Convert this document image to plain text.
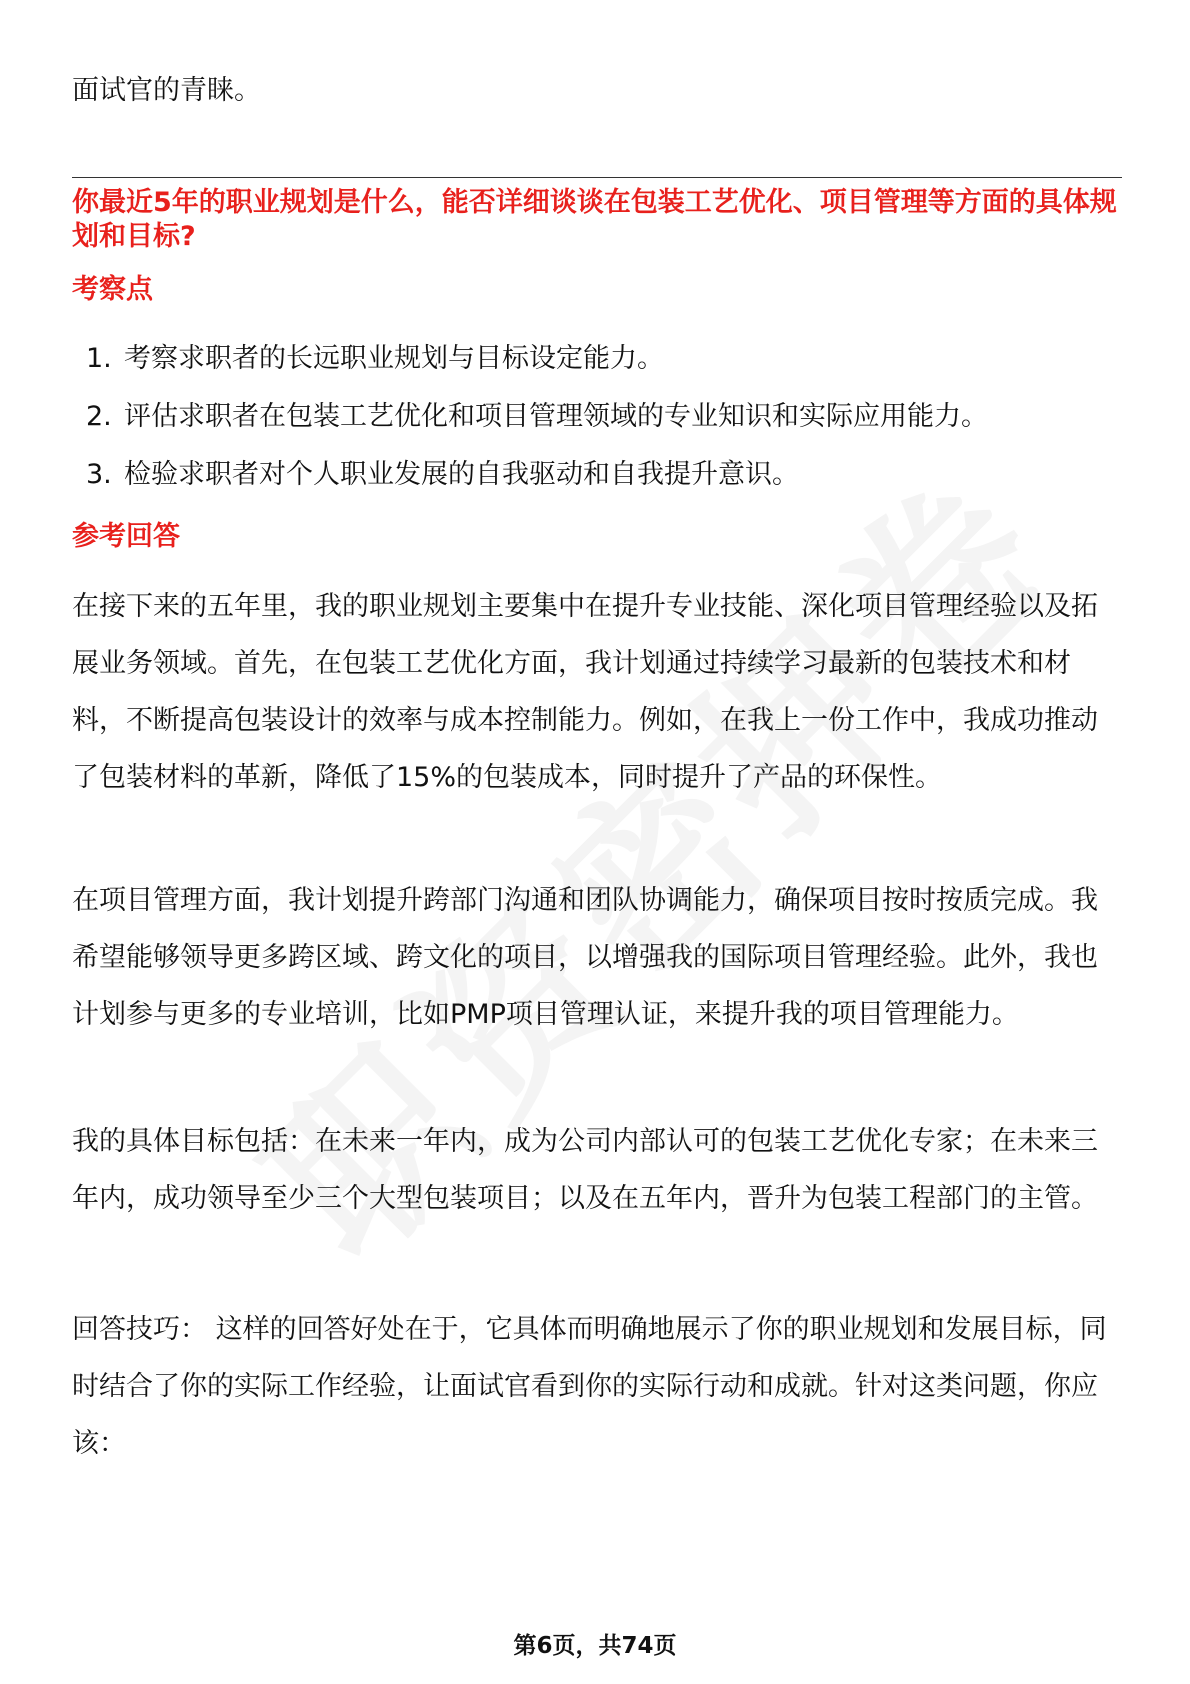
面试官的青睐。

你最近5年的职业规划是什么，能否详细谈谈在包装工艺优化、项目管理等方面的具体规划和目标?

考察点

1. 考察求职者的长远职业规划与目标设定能力。
2. 评估求职者在包装工艺优化和项目管理领域的专业知识和实际应用能力。
3. 检验求职者对个人职业发展的自我驱动和自我提升意识。

参考回答

在接下来的五年里，我的职业规划主要集中在提升专业技能、深化项目管理经验以及拓展业务领域。首先，在包装工艺优化方面，我计划通过持续学习最新的包装技术和材料，不断提高包装设计的效率与成本控制能力。例如，在我上一份工作中，我成功推动了包装材料的革新，降低了15%的包装成本，同时提升了产品的环保性。

在项目管理方面，我计划提升跨部门沟通和团队协调能力，确保项目按时按质完成。我希望能够领导更多跨区域、跨文化的项目，以增强我的国际项目管理经验。此外，我也计划参与更多的专业培训，比如PMP项目管理认证，来提升我的项目管理能力。

我的具体目标包括：在未来一年内，成为公司内部认可的包装工艺优化专家；在未来三年内，成功领导至少三个大型包装项目；以及在五年内，晋升为包装工程部门的主管。

回答技巧： 这样的回答好处在于，它具体而明确地展示了你的职业规划和发展目标，同时结合了你的实际工作经验，让面试官看到你的实际行动和成就。针对这类问题，你应该：

第6页，共74页
